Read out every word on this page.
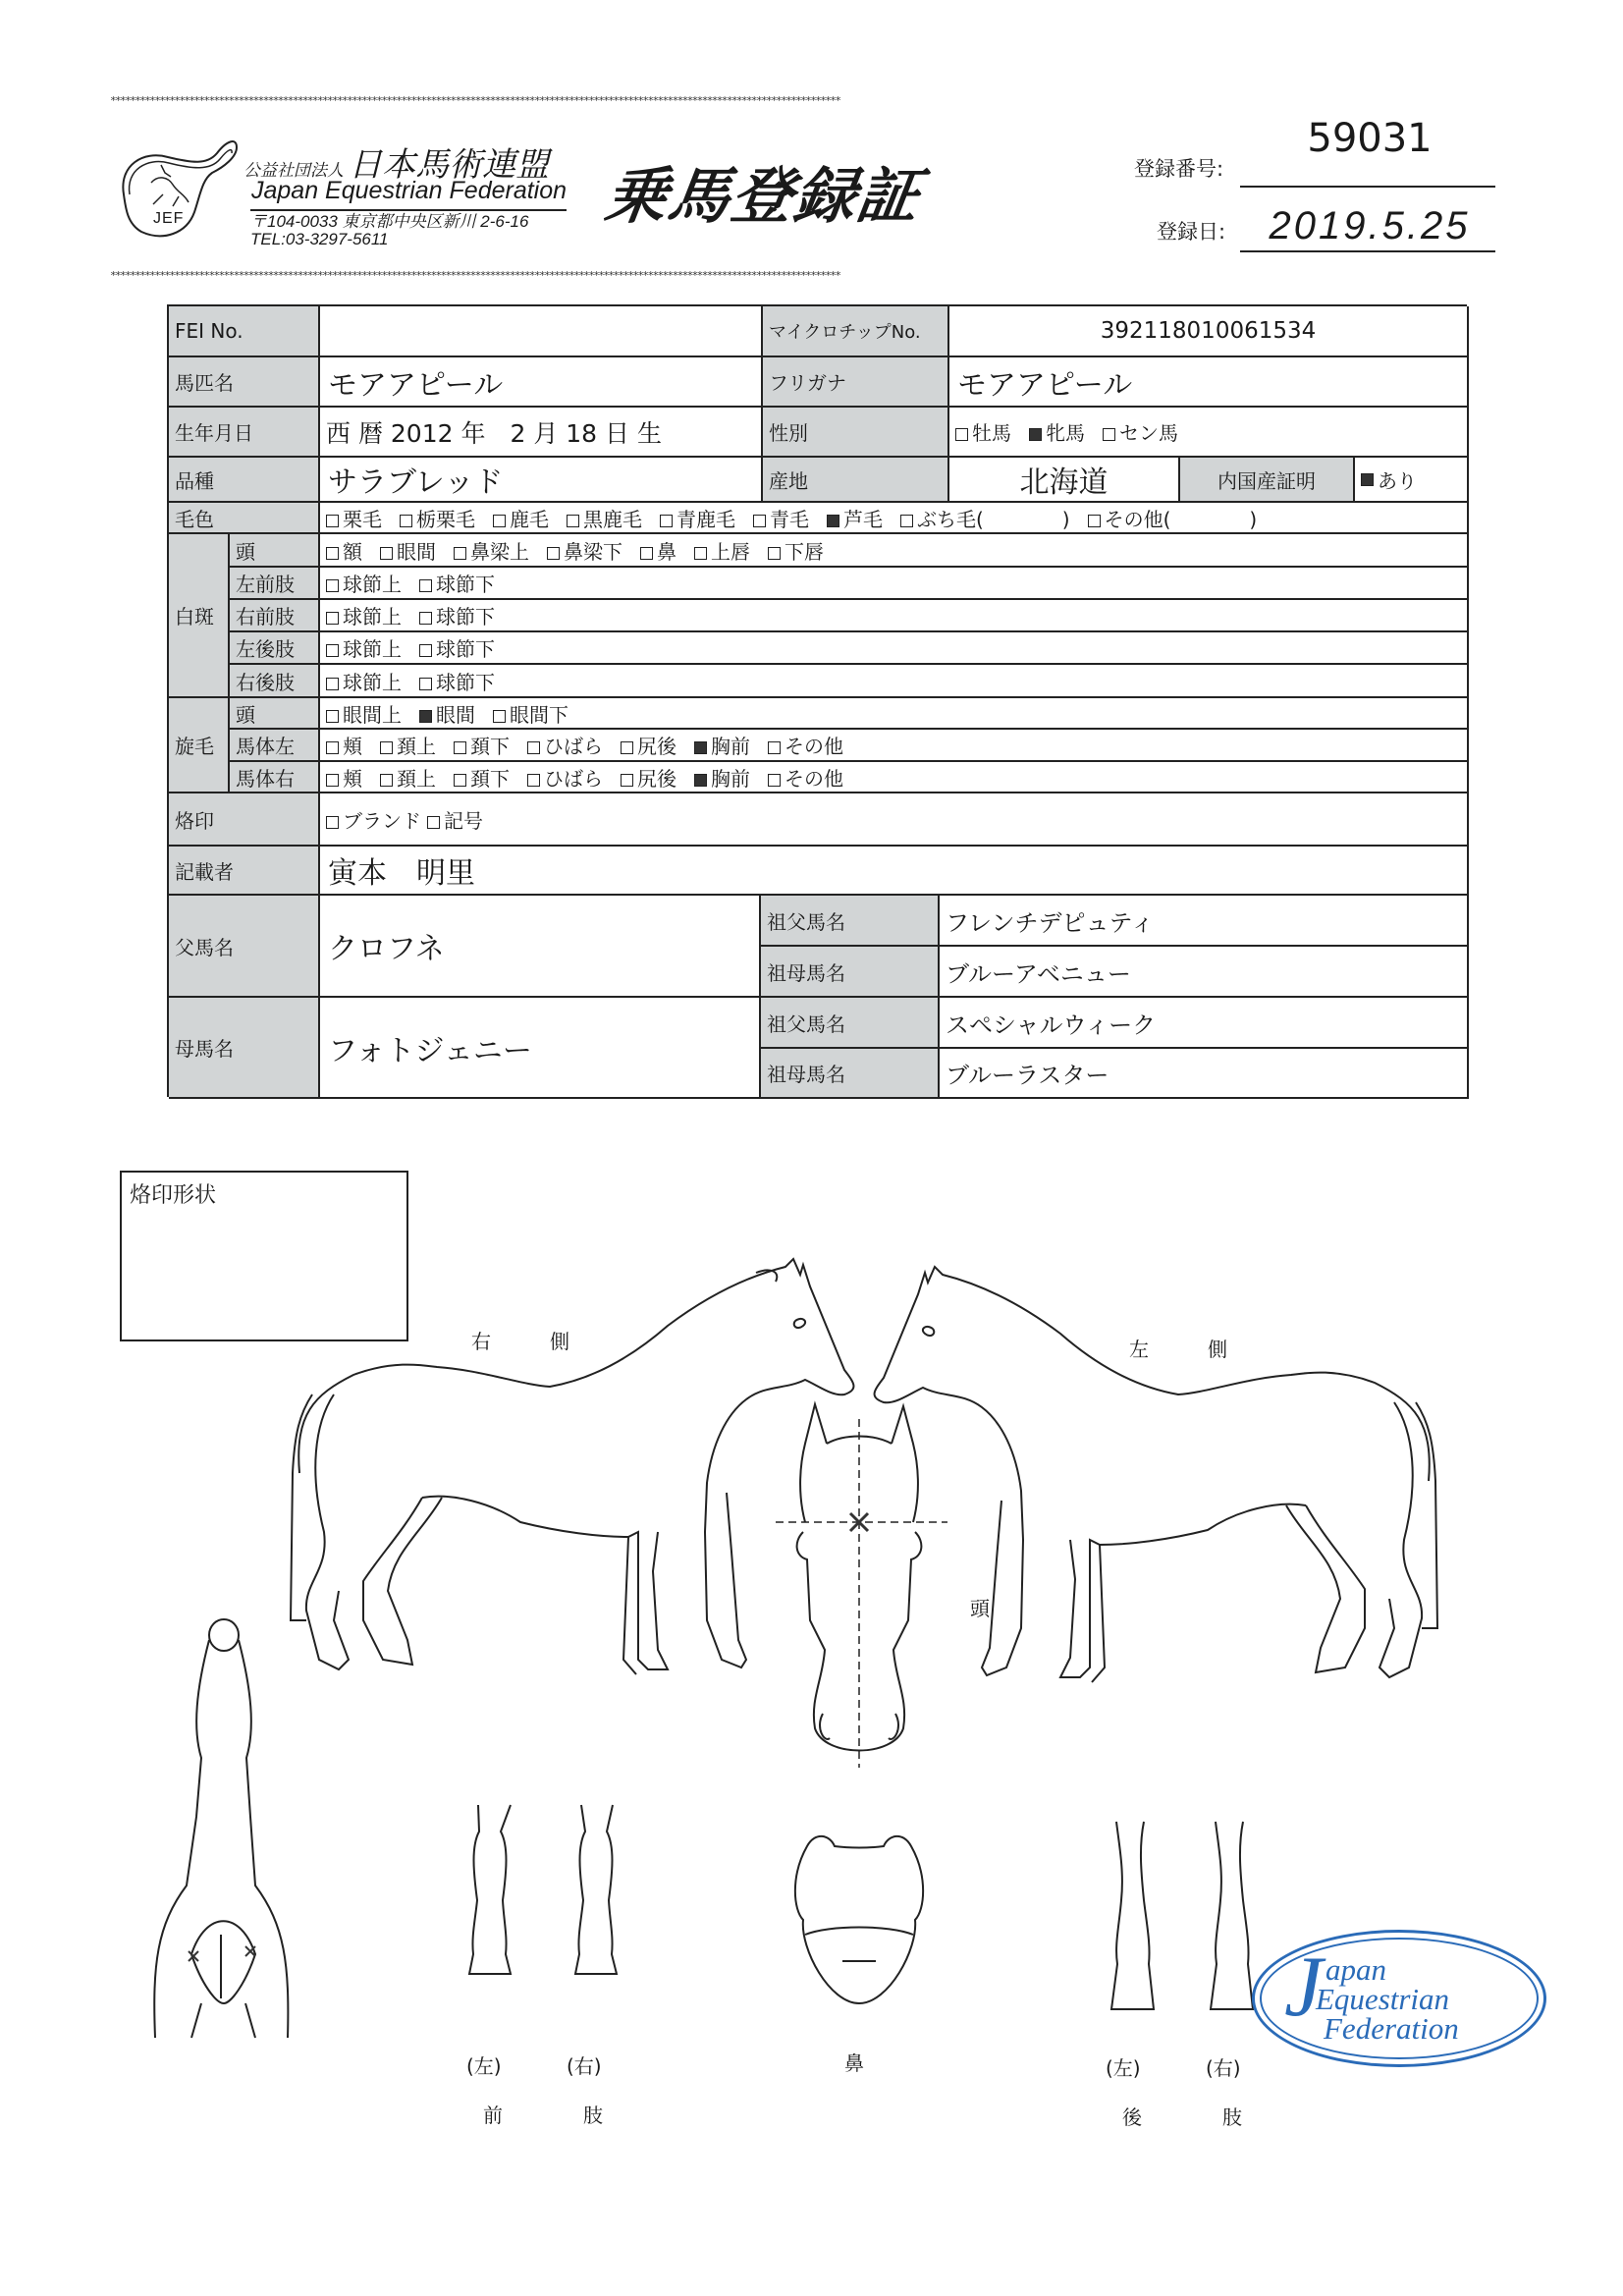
****************************************************************************************************************************************************
****************************************************************************************************************************************************
JEF
公益社団法人 日本馬術連盟
Japan Equestrian Federation
〒104-0033 東京都中央区新川 2-6-16
TEL:03-3297-5611
乗馬登録証	登録番号:
59031
登録日:	2019.5.25
FEI No.	マイクロチップNo.	392118010061534
馬匹名	モアアピール	フリガナ	モアアピール
生年月日	西 暦 2012 年　2 月 18 日 生	性別	牡馬	牝馬	セン馬
品種	サラブレッド	産地	北海道	内国産証明	あり
毛色	栗毛	栃栗毛	鹿毛	黒鹿毛	青鹿毛	青毛	芦毛	ぶち毛(　　　　)	その他(　　　　)
白斑
頭	額	眼間	鼻梁上	鼻梁下	鼻	上唇	下唇
左前肢	球節上	球節下
右前肢	球節上	球節下
左後肢	球節上	球節下
右後肢	球節上	球節下
旋毛
頭	眼間上	眼間	眼間下
馬体左	頬	頚上	頚下	ひばら	尻後	胸前	その他
馬体右	頬	頚上	頚下	ひばら	尻後	胸前	その他
烙印	ブランド	記号
記載者	寅本　明里
父馬名	クロフネ
祖父馬名	フレンチデピュティ
祖母馬名	ブルーアベニュー
母馬名	フォトジェニー
祖父馬名	スペシャルウィーク
祖母馬名	ブルーラスター
烙印形状
右　　　側	左　　　側
頭
鼻
(左)	(右)
前	肢
(左)	(右)
後	肢
J apan
Equestrian
Federation
